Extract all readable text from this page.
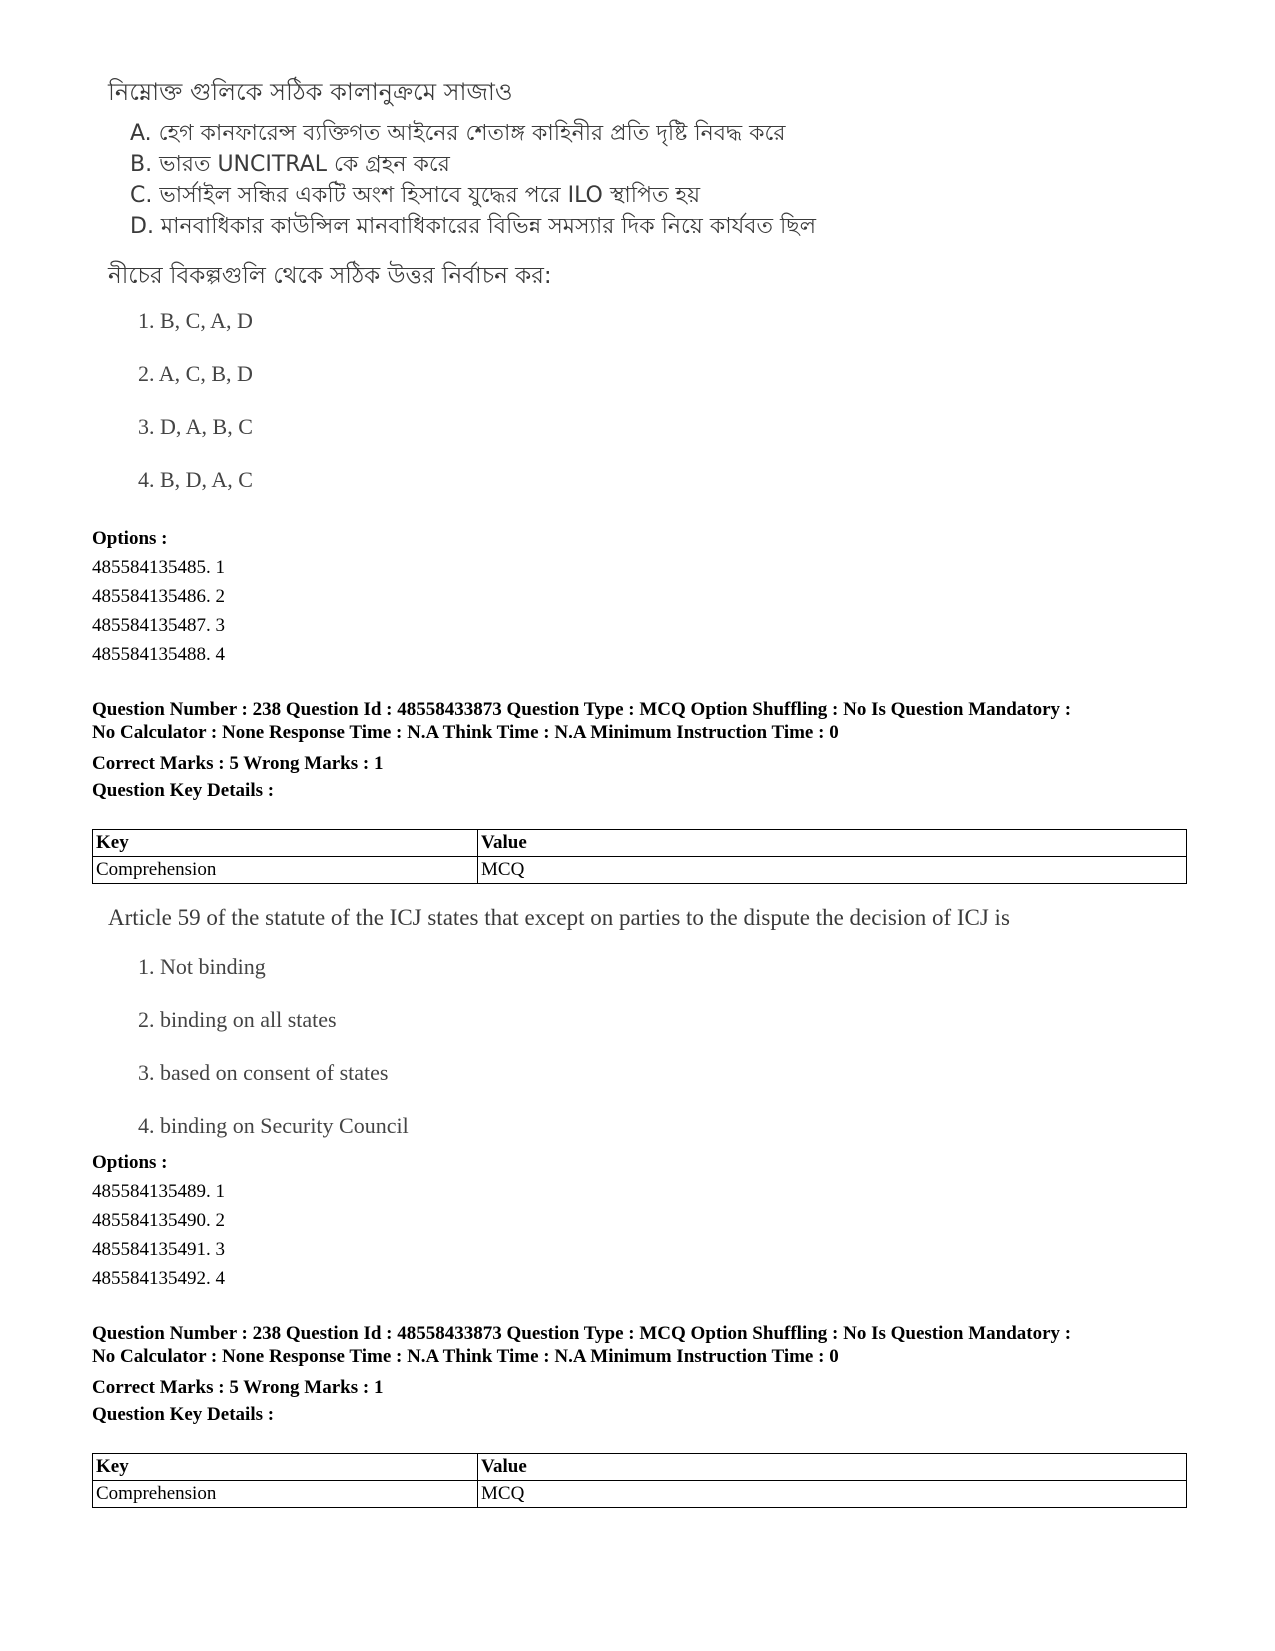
নিম্নোক্ত গুলিকে সঠিক কালানুক্রমে সাজাও
A. হেগ কানফারেন্স ব্যক্তিগত আইনের শেতাঙ্গ কাহিনীর প্রতি দৃষ্টি নিবদ্ধ করে
B. ভারত UNCITRAL কে গ্রহন করে
C. ভার্সাইল সন্ধির একটি অংশ হিসাবে যুদ্ধের পরে ILO স্থাপিত হয়
D. মানবাধিকার কাউন্সিল মানবাধিকারের বিভিন্ন সমস্যার দিক নিয়ে কার্যবত ছিল
নীচের বিকল্পগুলি থেকে সঠিক উত্তর নির্বাচন কর:
1. B, C, A, D
2. A, C, B, D
3. D, A, B, C
4. B, D, A, C
Options :
485584135485. 1
485584135486. 2
485584135487. 3
485584135488. 4
Question Number : 238 Question Id : 48558433873 Question Type : MCQ Option Shuffling : No Is Question Mandatory :
No Calculator : None Response Time : N.A Think Time : N.A Minimum Instruction Time : 0
Correct Marks : 5 Wrong Marks : 1
Question Key Details :
Key	Value
Comprehension	MCQ
Article 59 of the statute of the ICJ states that except on parties to the dispute the decision of ICJ is
1. Not binding
2. binding on all states
3. based on consent of states
4. binding on Security Council
Options :
485584135489. 1
485584135490. 2
485584135491. 3
485584135492. 4
Question Number : 238 Question Id : 48558433873 Question Type : MCQ Option Shuffling : No Is Question Mandatory :
No Calculator : None Response Time : N.A Think Time : N.A Minimum Instruction Time : 0
Correct Marks : 5 Wrong Marks : 1
Question Key Details :
Key	Value
Comprehension	MCQ
